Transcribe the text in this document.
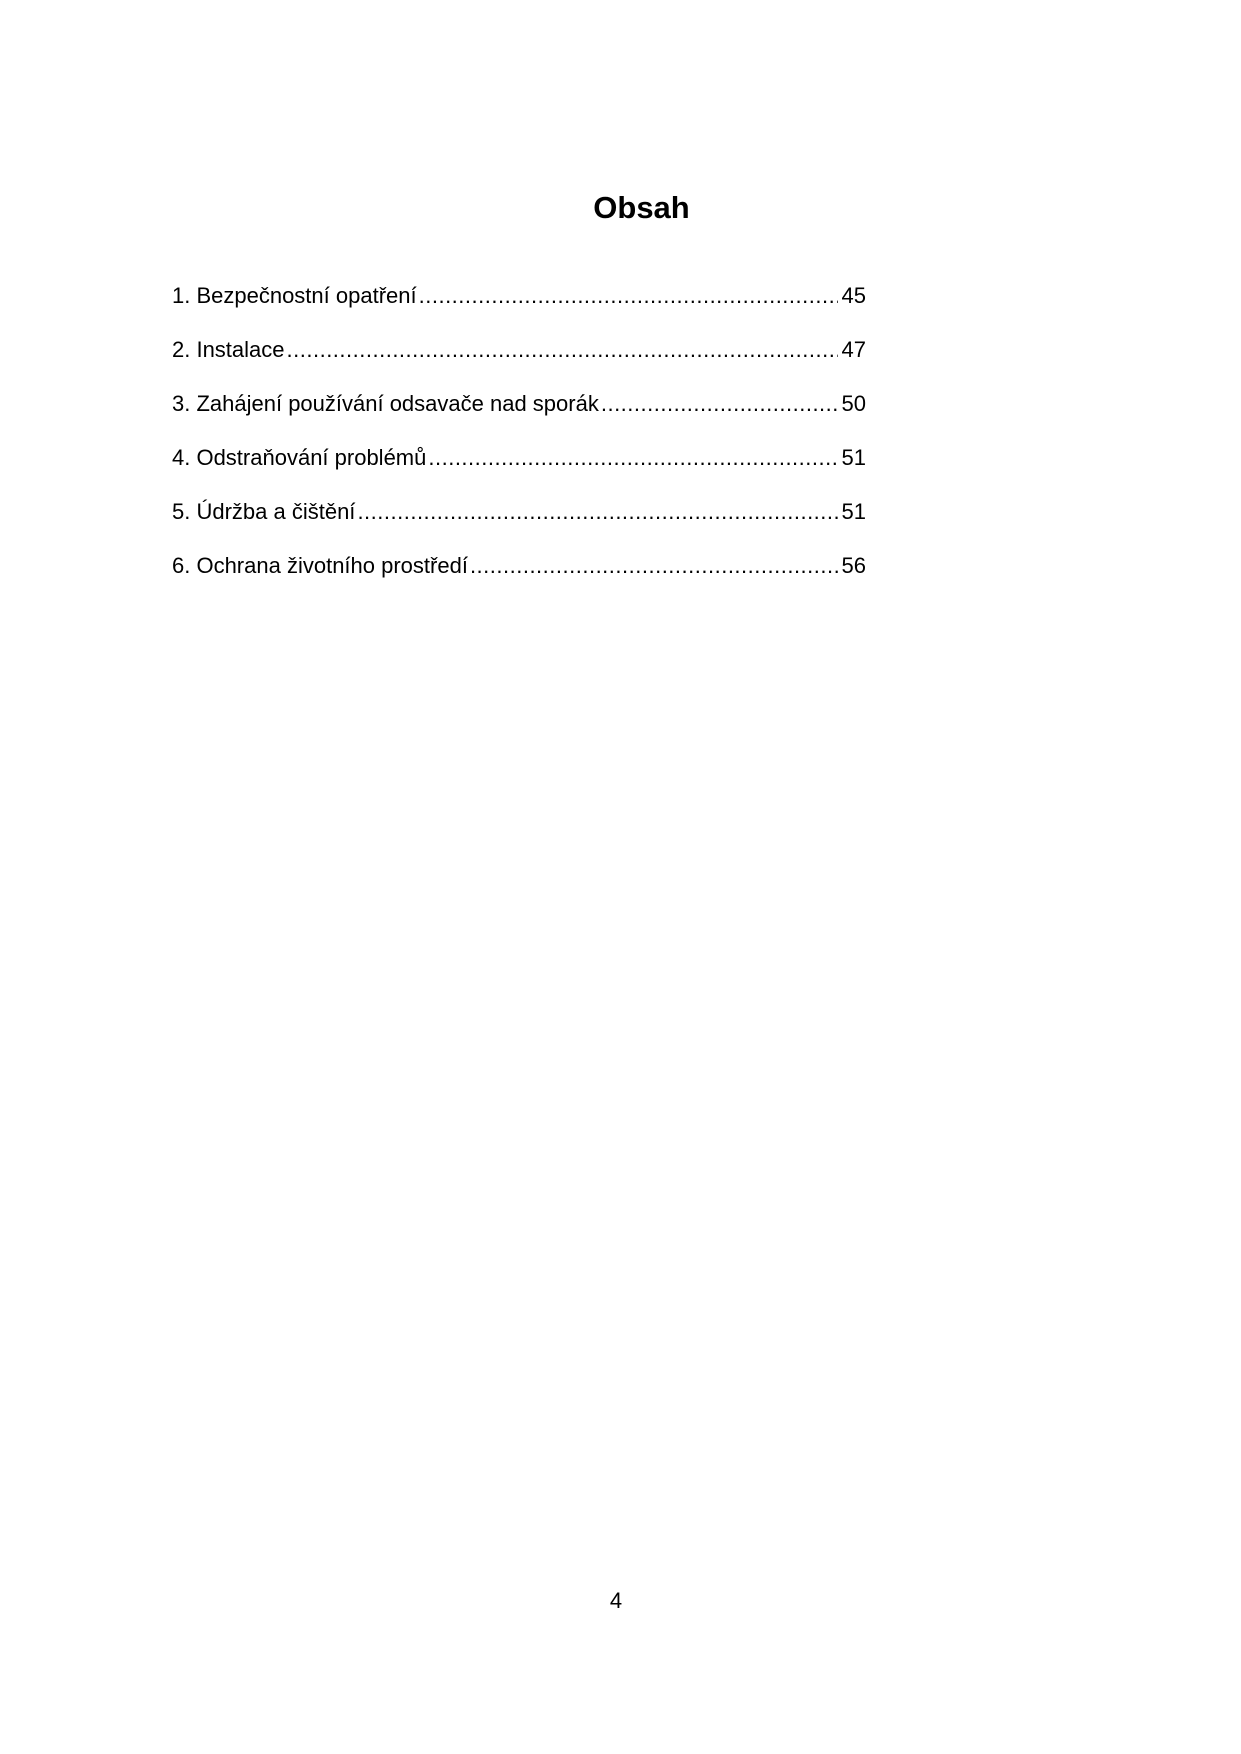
Obsah
1. Bezpečnostní opatření .....	45
2. Instalace .....	47
3. Zahájení používání odsavače nad sporák .....	50
4. Odstraňování problémů .....	51
5. Údržba a čištění .....	51
6. Ochrana životního prostředí .....	56
4
